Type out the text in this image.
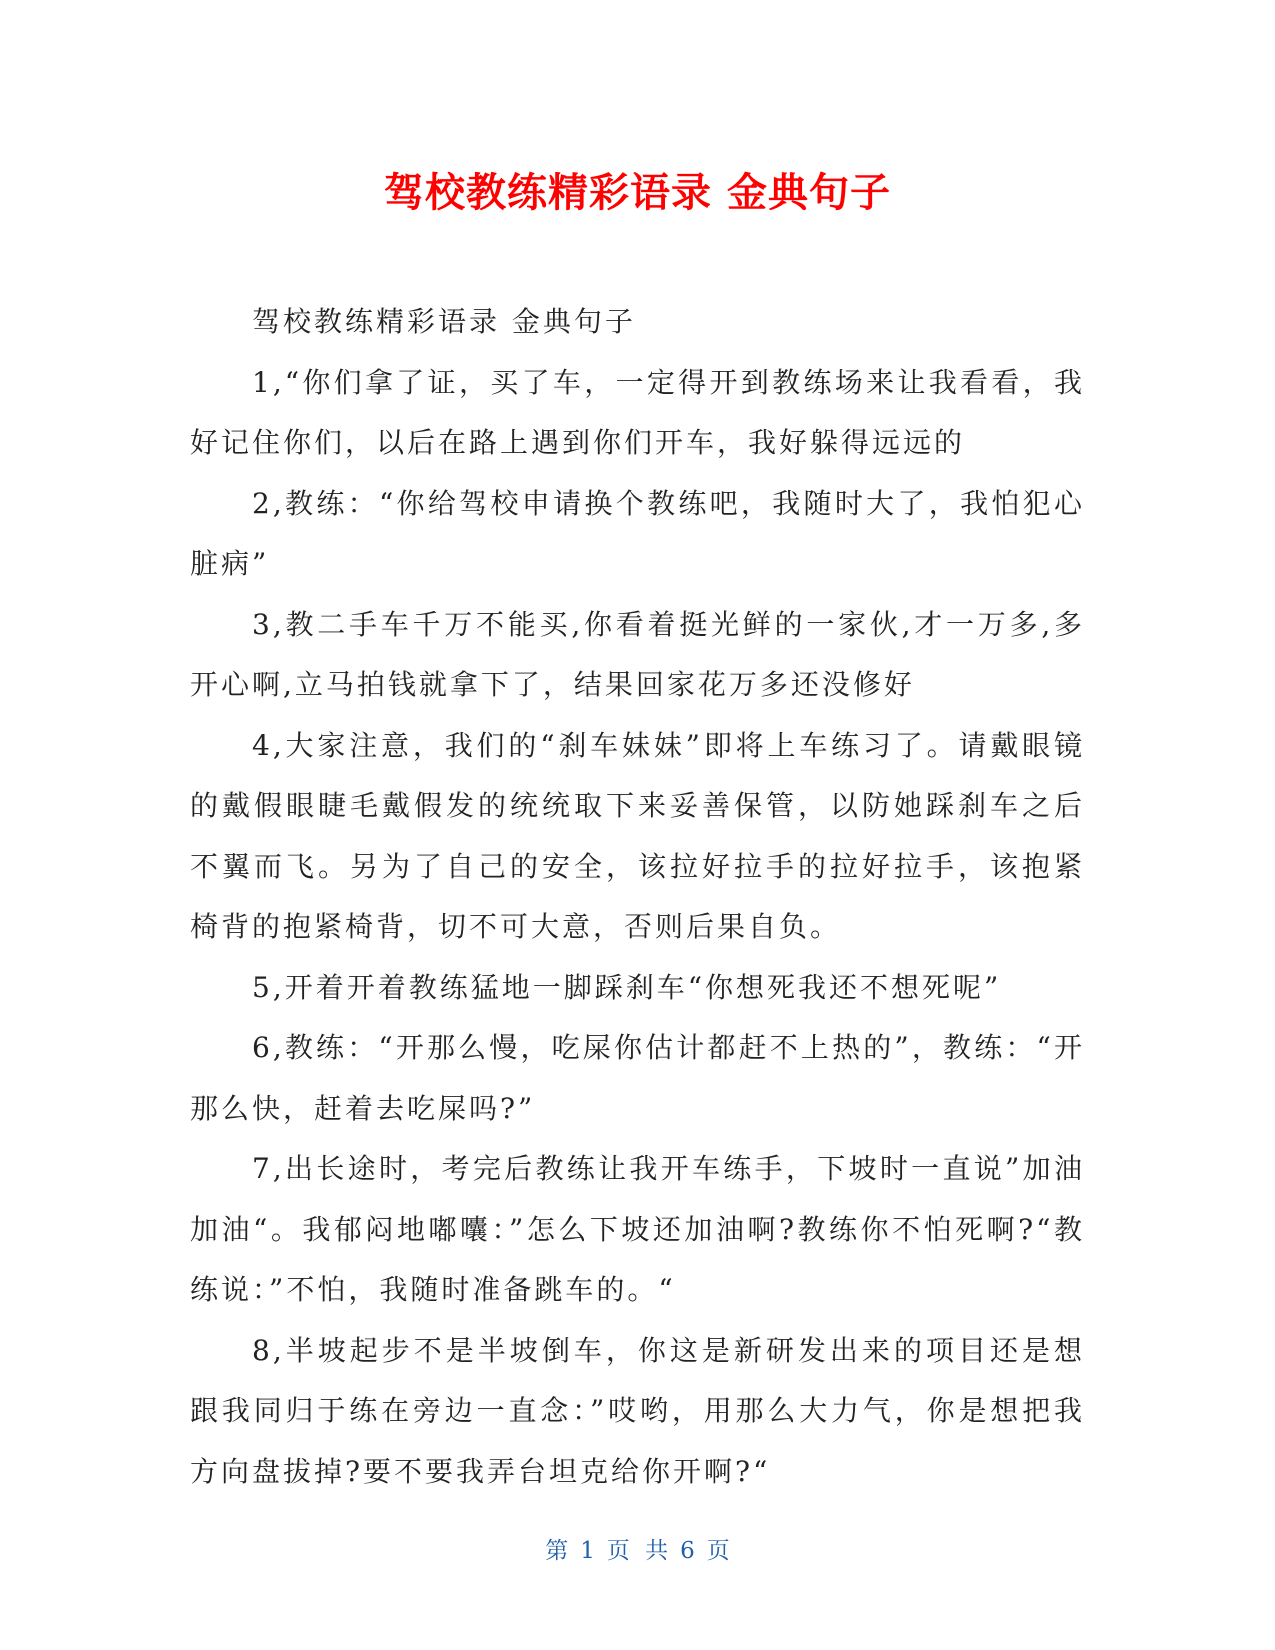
驾校教练精彩语录 金典句子

驾校教练精彩语录 金典句子

1,“你们拿了证，买了车，一定得开到教练场来让我看看，我好记住你们，以后在路上遇到你们开车，我好躲得远远的

2,教练：“你给驾校申请换个教练吧，我随时大了，我怕犯心脏病”

3,教二手车千万不能买,你看着挺光鲜的一家伙,才一万多,多开心啊,立马拍钱就拿下了，结果回家花万多还没修好

4,大家注意，我们的“刹车妹妹”即将上车练习了。请戴眼镜的戴假眼睫毛戴假发的统统取下来妥善保管，以防她踩刹车之后不翼而飞。另为了自己的安全，该拉好拉手的拉好拉手，该抱紧椅背的抱紧椅背，切不可大意，否则后果自负。

5,开着开着教练猛地一脚踩刹车“你想死我还不想死呢”

6,教练：“开那么慢，吃屎你估计都赶不上热的”，教练：“开那么快，赶着去吃屎吗?”

7,出长途时，考完后教练让我开车练手，下坡时一直说”加油加油“。我郁闷地嘟囔：”怎么下坡还加油啊?教练你不怕死啊?“教练说：”不怕，我随时准备跳车的。“

8,半坡起步不是半坡倒车，你这是新研发出来的项目还是想跟我同归于练在旁边一直念：”哎哟，用那么大力气，你是想把我方向盘拔掉?要不要我弄台坦克给你开啊?“

第 1 页 共 6 页
